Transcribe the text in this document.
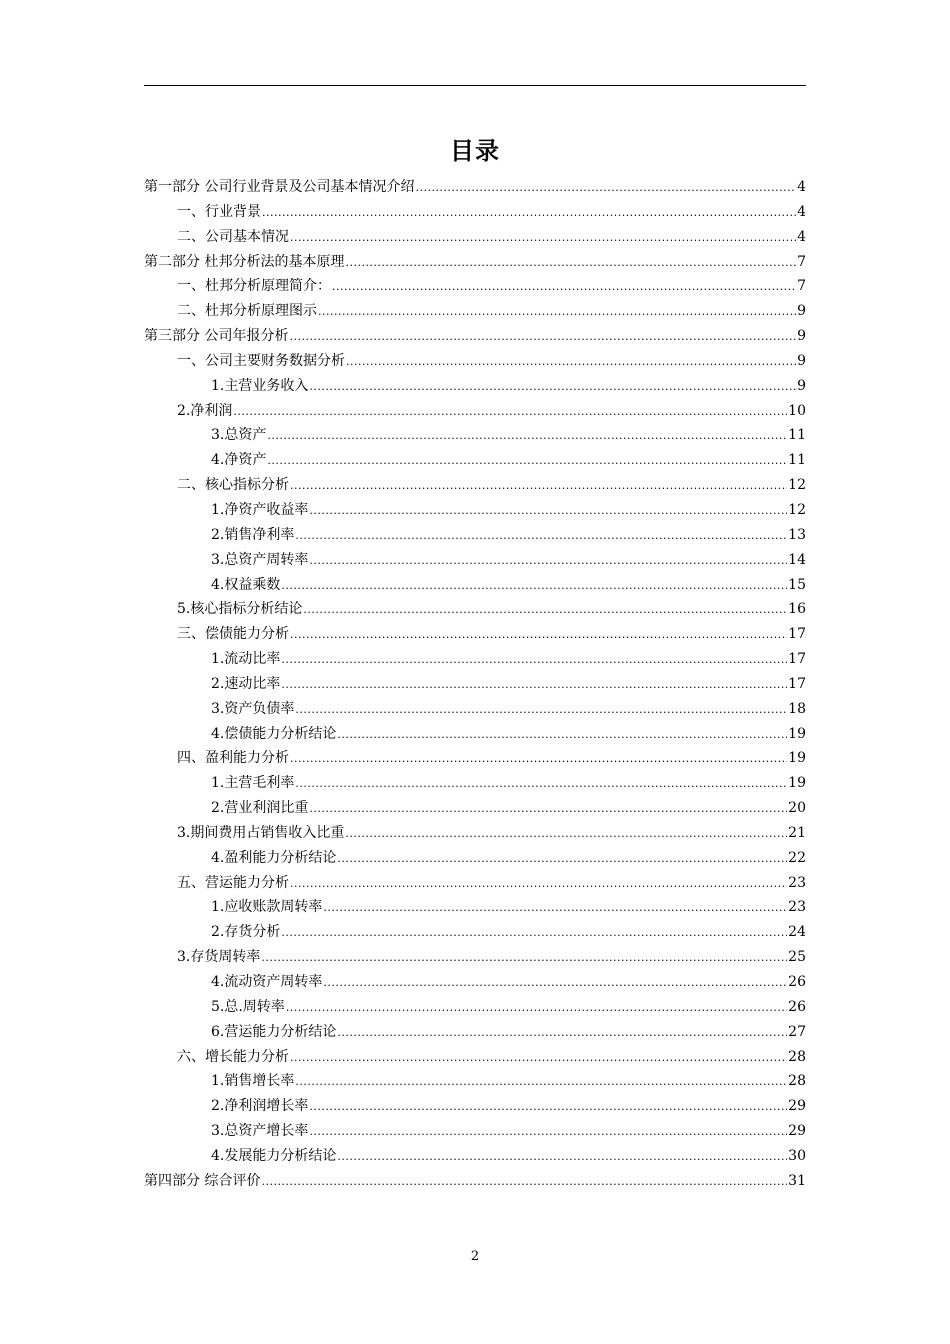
目录
第一部分 公司行业背景及公司基本情况介绍 .....	4
一、行业背景 .....	4
二、公司基本情况 .....	4
第二部分 杜邦分析法的基本原理 .....	7
一、杜邦分析原理简介： .....	7
二、杜邦分析原理图示 .....	9
第三部分 公司年报分析 .....	9
一、公司主要财务数据分析 .....	9
1.主营业务收入 .....	9
2.净利润 .....	10
3.总资产 .....	11
4.净资产 .....	11
二、核心指标分析 .....	12
1.净资产收益率 .....	12
2.销售净利率 .....	13
3.总资产周转率 .....	14
4.权益乘数 .....	15
5.核心指标分析结论 .....	16
三、偿债能力分析 .....	17
1.流动比率 .....	17
2.速动比率 .....	17
3.资产负债率 .....	18
4.偿债能力分析结论 .....	19
四、盈利能力分析 .....	19
1.主营毛利率 .....	19
2.营业利润比重 .....	20
3.期间费用占销售收入比重 .....	21
4.盈利能力分析结论 .....	22
五、营运能力分析 .....	23
1.应收账款周转率 .....	23
2.存货分析 .....	24
3.存货周转率 .....	25
4.流动资产周转率 .....	26
5.总.周转率 .....	26
6.营运能力分析结论 .....	27
六、增长能力分析 .....	28
1.销售增长率 .....	28
2.净利润增长率 .....	29
3.总资产增长率 .....	29
4.发展能力分析结论 .....	30
第四部分 综合评价 .....	31
2
